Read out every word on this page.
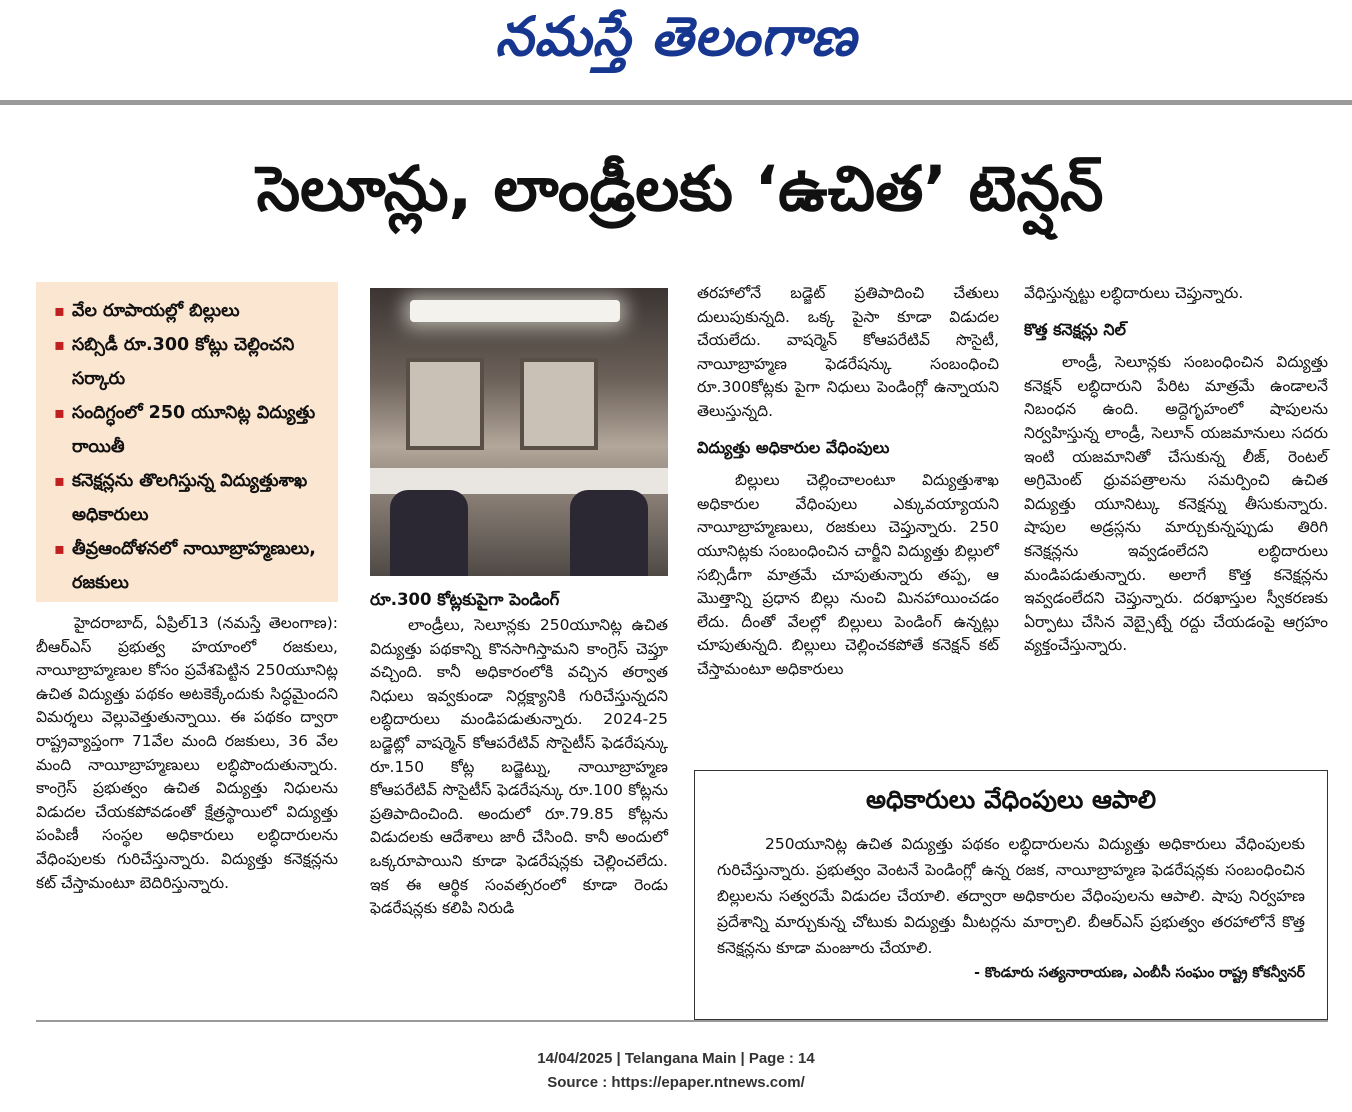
నమస్తే తెలంగాణ
సెలూన్లు, లాండ్రీలకు ‘ఉచిత’ టెన్షన్
▪ వేల రూపాయల్లో బిల్లులు
▪ సబ్సిడీ రూ.300 కోట్లు చెల్లించని సర్కారు
▪ సందిగ్ధంలో 250 యూనిట్ల విద్యుత్తు రాయితీ
▪ కనెక్షన్లను తొలగిస్తున్న విద్యుత్తుశాఖ అధికారులు
▪ తీవ్రఆందోళనలో నాయీబ్రాహ్మణులు, రజకులు

హైదరాబాద్, ఏప్రిల్13 (నమస్తే తెలంగాణ): బీఆర్ఎస్ ప్రభుత్వ హయాంలో రజకులు, నాయీబ్రాహ్మణుల కోసం ప్రవేశపెట్టిన 250యూనిట్ల ఉచిత విద్యుత్తు పథకం అటకెక్కేందుకు సిద్ధమైందని విమర్శలు వెల్లువెత్తుతున్నాయి. ఈ పథకం ద్వారా రాష్ట్రవ్యాప్తంగా 71వేల మంది రజకులు, 36 వేల మంది నాయీబ్రాహ్మణులు లబ్ధిపొందుతున్నారు. కాంగ్రెస్ ప్రభుత్వం ఉచిత విద్యుత్తు నిధులను విడుదల చేయకపోవడంతో క్షేత్రస్థాయిలో విద్యుత్తు పంపిణీ సంస్థల అధికారులు లబ్ధిదారులను వేధింపులకు గురిచేస్తున్నారు. విద్యుత్తు కనెక్షన్లను కట్ చేస్తామంటూ బెదిరిస్తున్నారు.

రూ.300 కోట్లకుపైగా పెండింగ్

లాండ్రీలు, సెలూన్లకు 250యూనిట్ల ఉచిత విద్యుత్తు పథకాన్ని కొనసాగిస్తామని కాంగ్రెస్ చెప్తూ వచ్చింది. కానీ అధికారంలోకి వచ్చిన తర్వాత నిధులు ఇవ్వకుండా నిర్లక్ష్యానికి గురిచేస్తున్నదని లబ్ధిదారులు మండిపడుతున్నారు. 2024-25 బడ్జెట్లో వాషర్మెన్ కోఆపరేటివ్ సొసైటీస్ ఫెడరేషన్కు రూ.150 కోట్ల బడ్జెట్ను, నాయీబ్రాహ్మణ కోఆపరేటివ్ సొసైటీస్ ఫెడరేషన్కు రూ.100 కోట్లను ప్రతిపాదించింది. అందులో రూ.79.85 కోట్లను విడుదలకు ఆదేశాలు జారీ చేసింది. కానీ అందులో ఒక్కరూపాయిని కూడా ఫెడరేషన్లకు చెల్లించలేదు. ఇక ఈ ఆర్థిక సంవత్సరంలో కూడా రెండు ఫెడరేషన్లకు కలిపి నిరుడి

తరహాలోనే బడ్జెట్ ప్రతిపాదించి చేతులు దులుపుకున్నది. ఒక్క పైసా కూడా విడుదల చేయలేదు. వాషర్మెన్ కోఆపరేటివ్ సొసైటీ, నాయీబ్రాహ్మణ ఫెడరేషన్కు సంబంధించి రూ.300కోట్లకు పైగా నిధులు పెండింగ్లో ఉన్నాయని తెలుస్తున్నది.

విద్యుత్తు అధికారుల వేధింపులు

బిల్లులు చెల్లించాలంటూ విద్యుత్తుశాఖ అధికారుల వేధింపులు ఎక్కువయ్యాయని నాయీబ్రాహ్మణులు, రజకులు చెప్తున్నారు. 250 యూనిట్లకు సంబంధించిన చార్జీని విద్యుత్తు బిల్లులో సబ్సిడీగా మాత్రమే చూపుతున్నారు తప్ప, ఆ మొత్తాన్ని ప్రధాన బిల్లు నుంచి మినహాయించడం లేదు. దీంతో వేలల్లో బిల్లులు పెండింగ్ ఉన్నట్లు చూపుతున్నది. బిల్లులు చెల్లించకపోతే కనెక్షన్ కట్ చేస్తామంటూ అధికారులు

వేధిస్తున్నట్టు లబ్ధిదారులు చెప్తున్నారు.

కొత్త కనెక్షన్లు నిల్

లాండ్రీ, సెలూన్లకు సంబంధించిన విద్యుత్తు కనెక్షన్ లబ్ధిదారుని పేరిట మాత్రమే ఉండాలనే నిబంధన ఉంది. అద్దెగృహంలో షాపులను నిర్వహిస్తున్న లాండ్రీ, సెలూన్ యజమానులు సదరు ఇంటి యజమానితో చేసుకున్న లీజ్, రెంటల్ అగ్రిమెంట్ ధ్రువపత్రాలను సమర్పించి ఉచిత విద్యుత్తు యూనిట్కు కనెక్షన్ను తీసుకున్నారు. షాపుల అడ్రస్లను మార్చుకున్నప్పుడు తిరిగి కనెక్షన్లను ఇవ్వడంలేదని లబ్ధిదారులు మండిపడుతున్నారు. అలాగే కొత్త కనెక్షన్లను ఇవ్వడంలేదని చెప్తున్నారు. దరఖాస్తుల స్వీకరణకు ఏర్పాటు చేసిన వెబ్సైట్నే రద్దు చేయడంపై ఆగ్రహం వ్యక్తంచేస్తున్నారు.

అధికారులు వేధింపులు ఆపాలి
250యూనిట్ల ఉచిత విద్యుత్తు పథకం లబ్ధిదారులను విద్యుత్తు అధికారులు వేధింపులకు గురిచేస్తున్నారు. ప్రభుత్వం వెంటనే పెండింగ్లో ఉన్న రజక, నాయీబ్రాహ్మణ ఫెడరేషన్లకు సంబంధించిన బిల్లులను సత్వరమే విడుదల చేయాలి. తద్వారా అధికారుల వేధింపులను ఆపాలి. షాపు నిర్వహణ ప్రదేశాన్ని మార్చుకున్న చోటుకు విద్యుత్తు మీటర్లను మార్చాలి. బీఆర్ఎస్ ప్రభుత్వం తరహాలోనే కొత్త కనెక్షన్లను కూడా మంజూరు చేయాలి.
- కొండూరు సత్యనారాయణ, ఎంబీసీ సంఘం రాష్ట్ర కోకన్వీనర్
14/04/2025 | Telangana Main | Page : 14
Source : https://epaper.ntnews.com/
